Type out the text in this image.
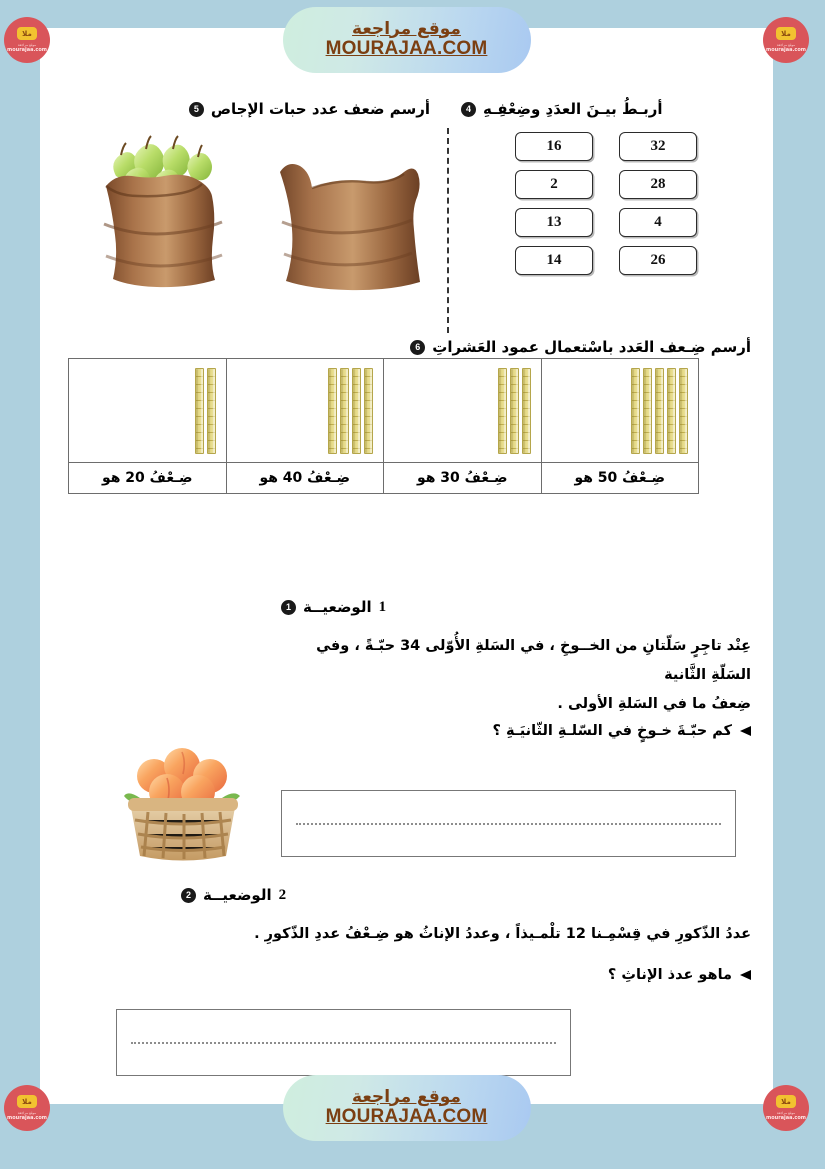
ملا
موقع مراجعة
mourajaa.com
موقع مراجعة
MOURAJAA.COM
ملا
موقع مراجعة
mourajaa.com
4 أربـطُ بيـنَ العدَدِ وضِعْفِـهِ
16
2
13
14
32
28
4
26
5 أرسم ضعف عدد حبات الإجاص
6 أرسم ضِـعف العَدد باسْتعمال عمود العَشراتِ

ضِـعْفُ 50 هو	ضِـعْفُ 30 هو	ضِـعْفُ 40 هو	ضِـعْفُ 20 هو
1 الوضعيــة 1
عِنْد تاجِرٍ سَلّتانِ من الخــوخِ ، في السَلةِ الأُوّلى 34 حبّـةً ، وفي السَلّةِ الثَّانية
ضِعفُ ما في السَلةِ الأولى .
كم حبّـةَ خـوخٍ في السّلـةِ الثّانيَـةِ ؟
2 الوضعيــة 2
عددُ الذّكورِ في قِسْمِـنا 12 تلْمـيذاً ، وعددُ الإناثُ هو ضِـعْفُ عددِ الذّكورِ .
ماهو عدذ الإناثِ ؟
ملا
موقع مراجعة
mourajaa.com
موقع مراجعة
MOURAJAA.COM
ملا
موقع مراجعة
mourajaa.com
